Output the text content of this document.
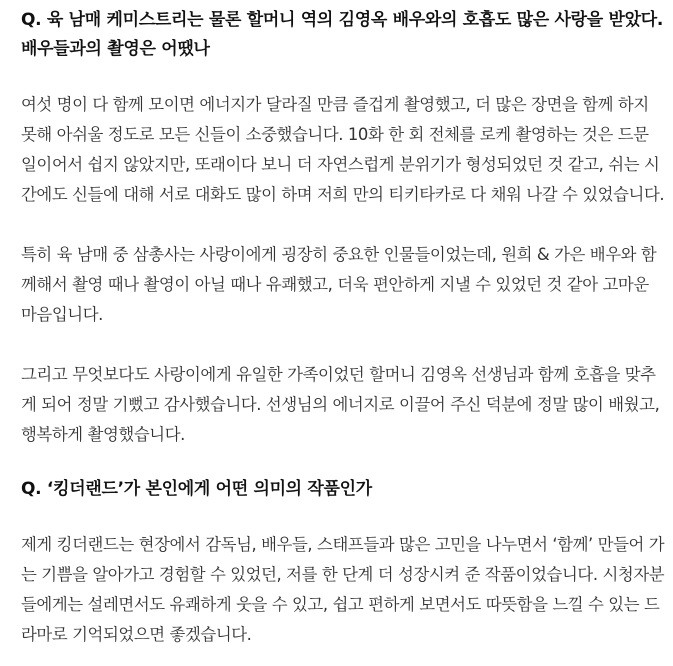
Q. 육 남매 케미스트리는 물론 할머니 역의 김영옥 배우와의 호흡도 많은 사랑을 받았다. 배우들과의 촬영은 어땠나

여섯 명이 다 함께 모이면 에너지가 달라질 만큼 즐겁게 촬영했고, 더 많은 장면을 함께 하지 못해 아쉬울 정도로 모든 신들이 소중했습니다. 10화 한 회 전체를 로케 촬영하는 것은 드문 일이어서 쉽지 않았지만, 또래이다 보니 더 자연스럽게 분위기가 형성되었던 것 같고, 쉬는 시간에도 신들에 대해 서로 대화도 많이 하며 저희 만의 티키타카로 다 채워 나갈 수 있었습니다.

특히 육 남매 중 삼총사는 사랑이에게 굉장히 중요한 인물들이었는데, 원희 & 가은 배우와 함께해서 촬영 때나 촬영이 아닐 때나 유쾌했고, 더욱 편안하게 지낼 수 있었던 것 같아 고마운 마음입니다.

그리고 무엇보다도 사랑이에게 유일한 가족이었던 할머니 김영옥 선생님과 함께 호흡을 맞추게 되어 정말 기뻤고 감사했습니다. 선생님의 에너지로 이끌어 주신 덕분에 정말 많이 배웠고, 행복하게 촬영했습니다.

Q. ‘킹더랜드’가 본인에게 어떤 의미의 작품인가

제게 킹더랜드는 현장에서 감독님, 배우들, 스태프들과 많은 고민을 나누면서 ‘함께’ 만들어 가는 기쁨을 알아가고 경험할 수 있었던, 저를 한 단계 더 성장시켜 준 작품이었습니다. 시청자분들에게는 설레면서도 유쾌하게 웃을 수 있고, 쉽고 편하게 보면서도 따뜻함을 느낄 수 있는 드라마로 기억되었으면 좋겠습니다.
